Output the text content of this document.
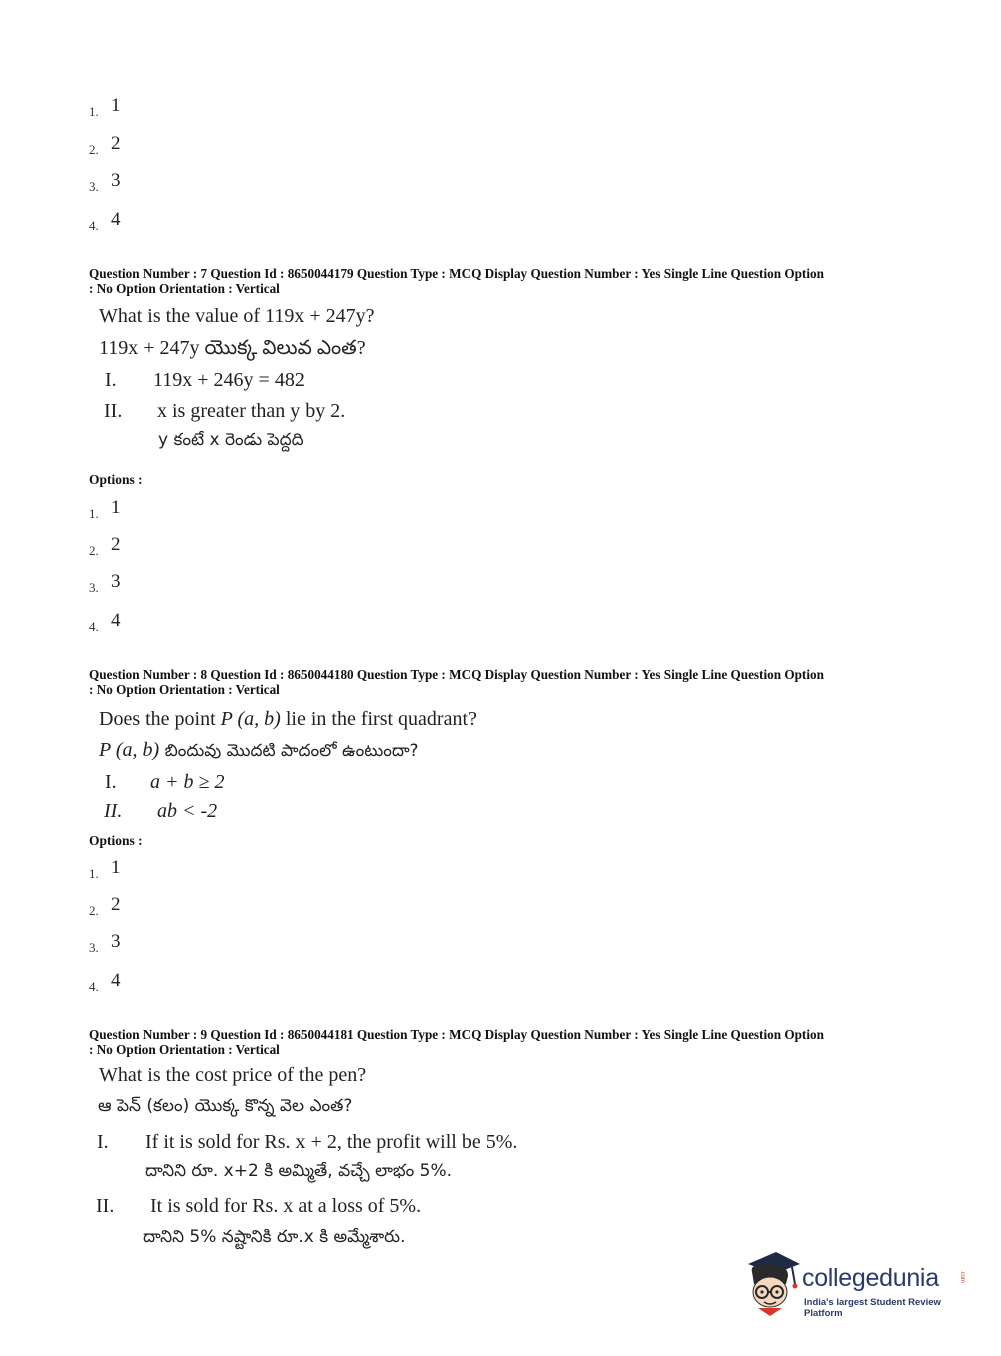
1. 1
2. 2
3. 3
4. 4
Question Number : 7 Question Id : 8650044179 Question Type : MCQ Display Question Number : Yes Single Line Question Option
: No Option Orientation : Vertical
What is the value of 119x + 247y?
119x + 247y యొక్క విలువ ఎంత?
I. 119x + 246y = 482
II. x is greater than y by 2.
y కంటే x రెండు పెద్దది
Options :
1. 1
2. 2
3. 3
4. 4
Question Number : 8 Question Id : 8650044180 Question Type : MCQ Display Question Number : Yes Single Line Question Option
: No Option Orientation : Vertical
Does the point P (a, b) lie in the first quadrant?
P (a, b) బిందువు మొదటి పాదంలో ఉంటుందా?
I. a + b ≥ 2
II. ab < -2
Options :
1. 1
2. 2
3. 3
4. 4
Question Number : 9 Question Id : 8650044181 Question Type : MCQ Display Question Number : Yes Single Line Question Option
: No Option Orientation : Vertical
What is the cost price of the pen?
ఆ పెన్ (కలం) యొక్క కొన్న వెల ఎంత?
I. If it is sold for Rs. x + 2, the profit will be 5%.
దానిని రూ. x+2 కి అమ్మితే, వచ్చే లాభం 5%.
II. It is sold for Rs. x at a loss of 5%.
దానిని 5% నష్టానికి రూ.x కి అమ్మేశారు.
collegedunia	.com
India's largest Student Review Platform
